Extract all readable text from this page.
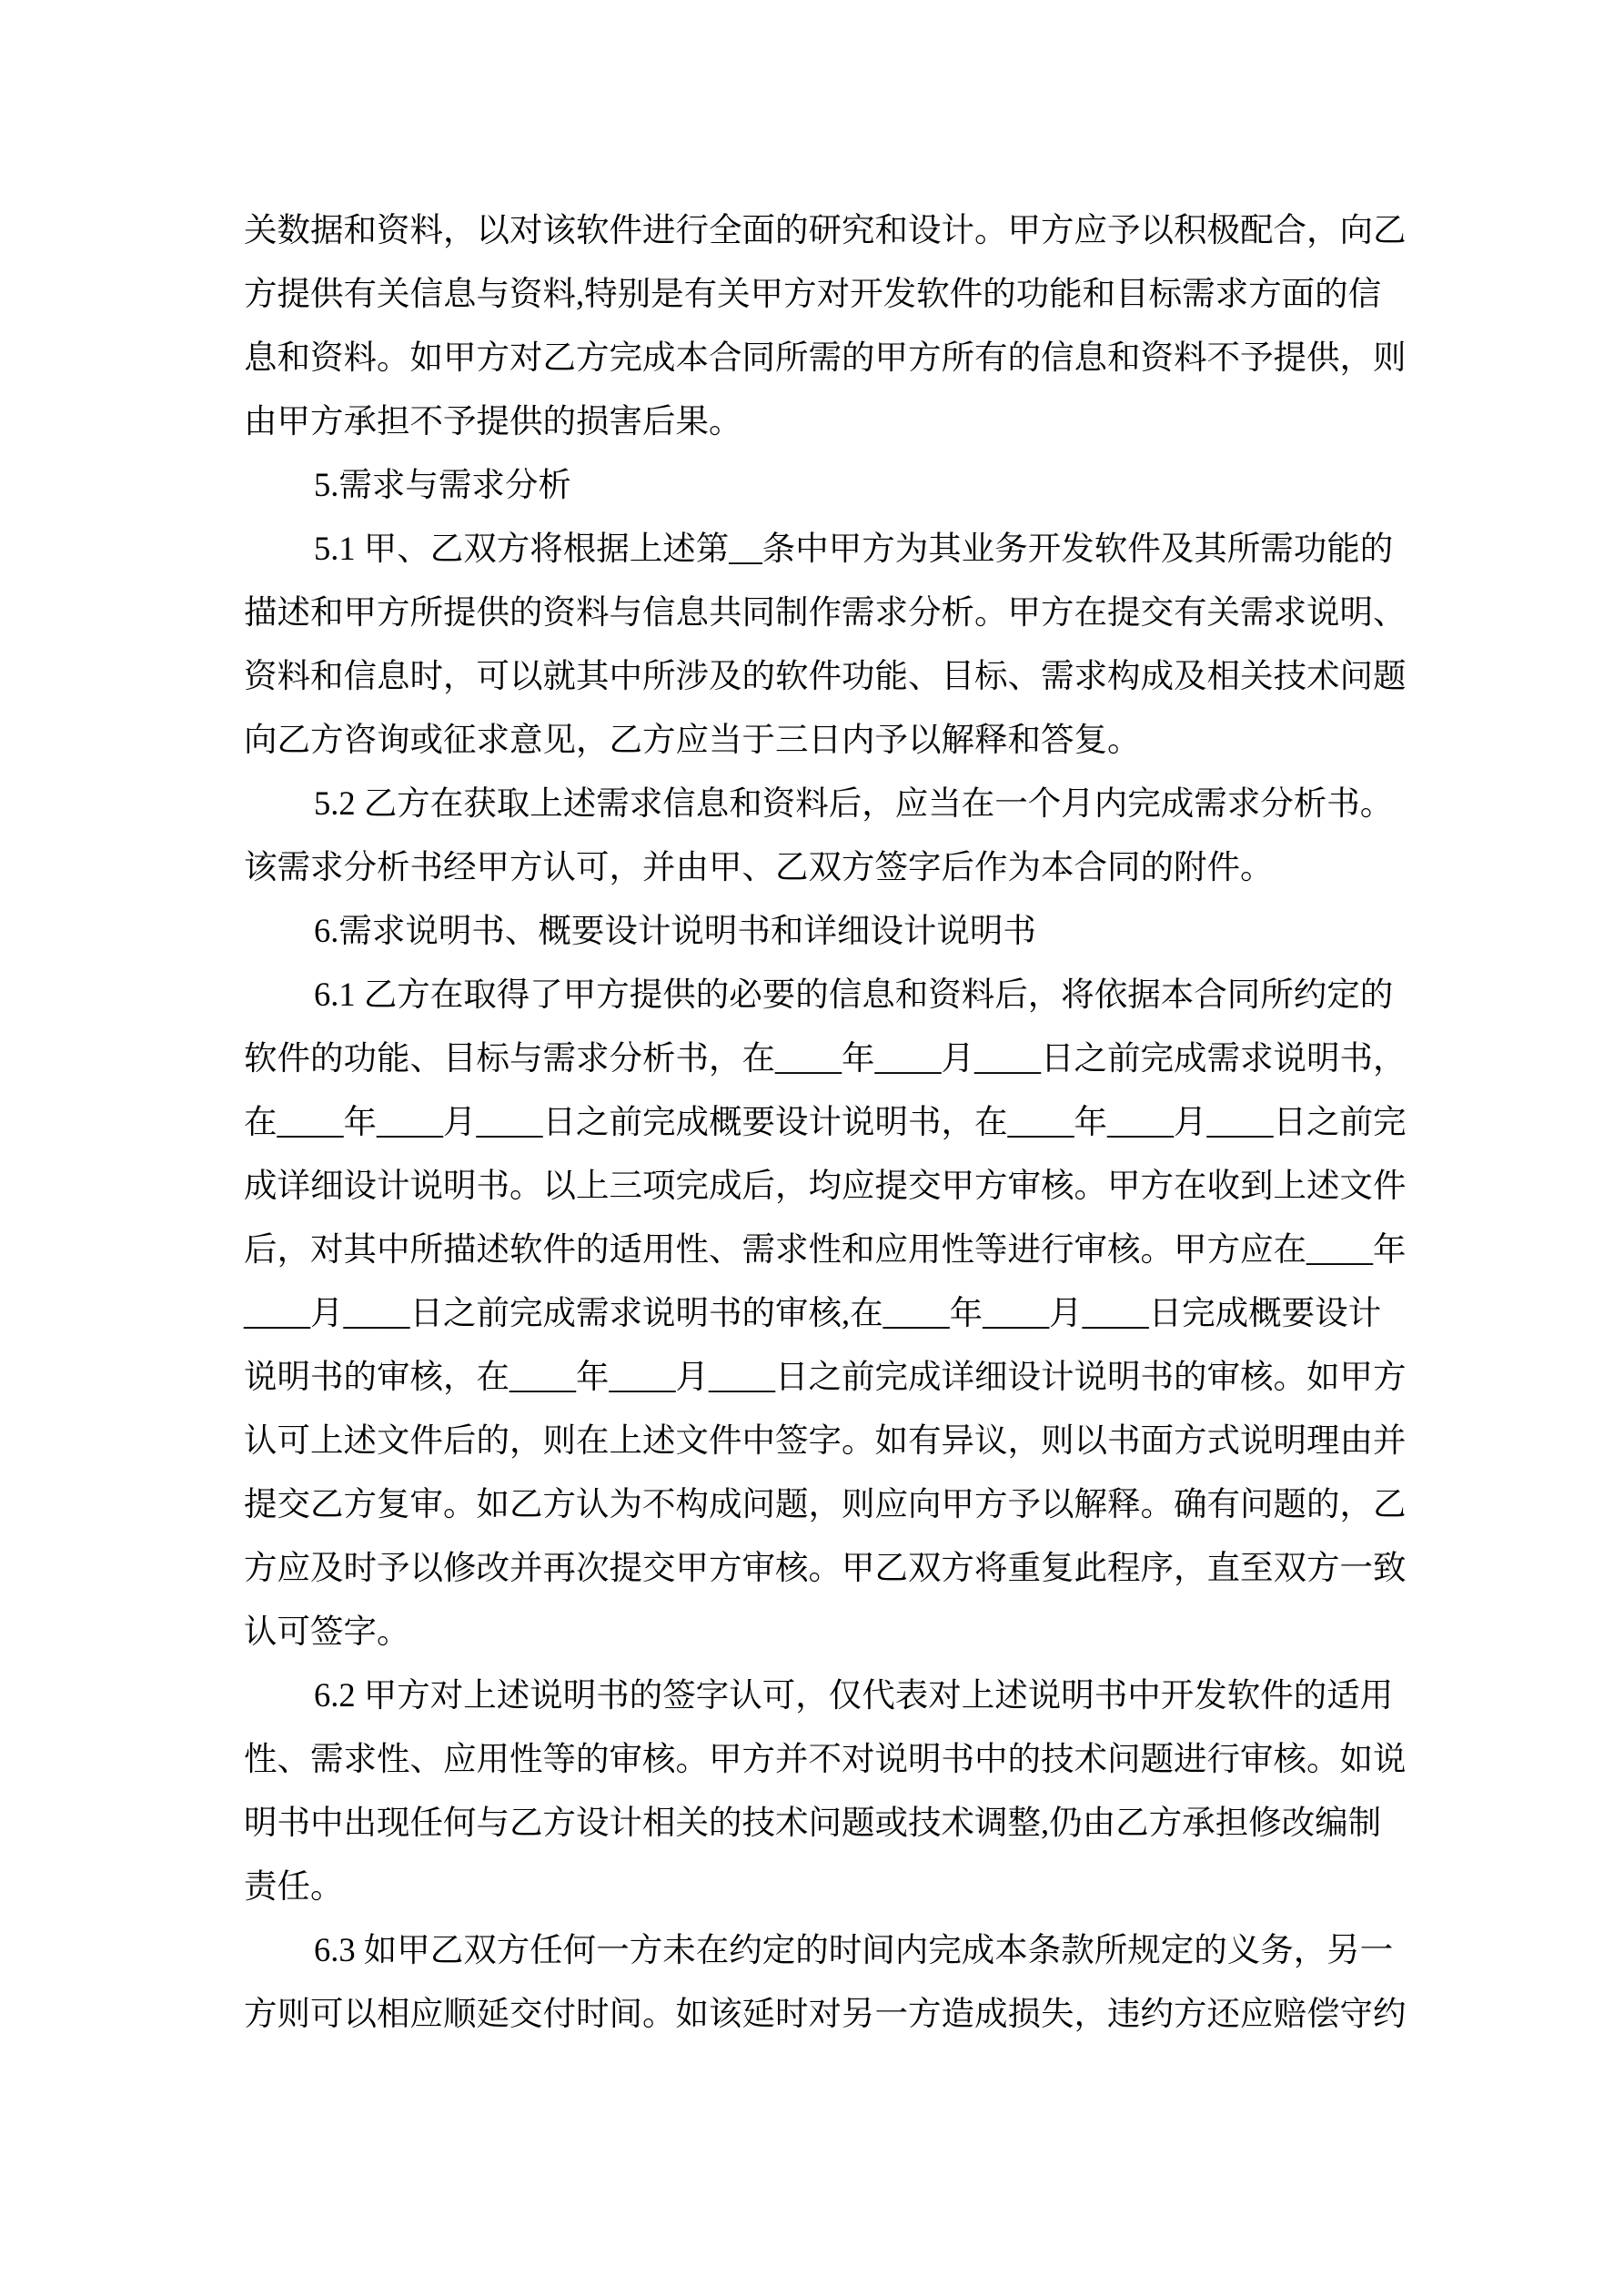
关数据和资料，以对该软件进行全面的研究和设计。甲方应予以积极配合，向乙
方提供有关信息与资料,特别是有关甲方对开发软件的功能和目标需求方面的信
息和资料。如甲方对乙方完成本合同所需的甲方所有的信息和资料不予提供，则
由甲方承担不予提供的损害后果。
5.需求与需求分析
5.1 甲、乙双方将根据上述第__条中甲方为其业务开发软件及其所需功能的
描述和甲方所提供的资料与信息共同制作需求分析。甲方在提交有关需求说明、
资料和信息时，可以就其中所涉及的软件功能、目标、需求构成及相关技术问题
向乙方咨询或征求意见，乙方应当于三日内予以解释和答复。
5.2 乙方在获取上述需求信息和资料后，应当在一个月内完成需求分析书。
该需求分析书经甲方认可，并由甲、乙双方签字后作为本合同的附件。
6.需求说明书、概要设计说明书和详细设计说明书
6.1 乙方在取得了甲方提供的必要的信息和资料后，将依据本合同所约定的
软件的功能、目标与需求分析书，在____年____月____日之前完成需求说明书，
在____年____月____日之前完成概要设计说明书，在____年____月____日之前完
成详细设计说明书。以上三项完成后，均应提交甲方审核。甲方在收到上述文件
后，对其中所描述软件的适用性、需求性和应用性等进行审核。甲方应在____年
____月____日之前完成需求说明书的审核,在____年____月____日完成概要设计
说明书的审核，在____年____月____日之前完成详细设计说明书的审核。如甲方
认可上述文件后的，则在上述文件中签字。如有异议，则以书面方式说明理由并
提交乙方复审。如乙方认为不构成问题，则应向甲方予以解释。确有问题的，乙
方应及时予以修改并再次提交甲方审核。甲乙双方将重复此程序，直至双方一致
认可签字。
6.2 甲方对上述说明书的签字认可，仅代表对上述说明书中开发软件的适用
性、需求性、应用性等的审核。甲方并不对说明书中的技术问题进行审核。如说
明书中出现任何与乙方设计相关的技术问题或技术调整,仍由乙方承担修改编制
责任。
6.3 如甲乙双方任何一方未在约定的时间内完成本条款所规定的义务，另一
方则可以相应顺延交付时间。如该延时对另一方造成损失，违约方还应赔偿守约
